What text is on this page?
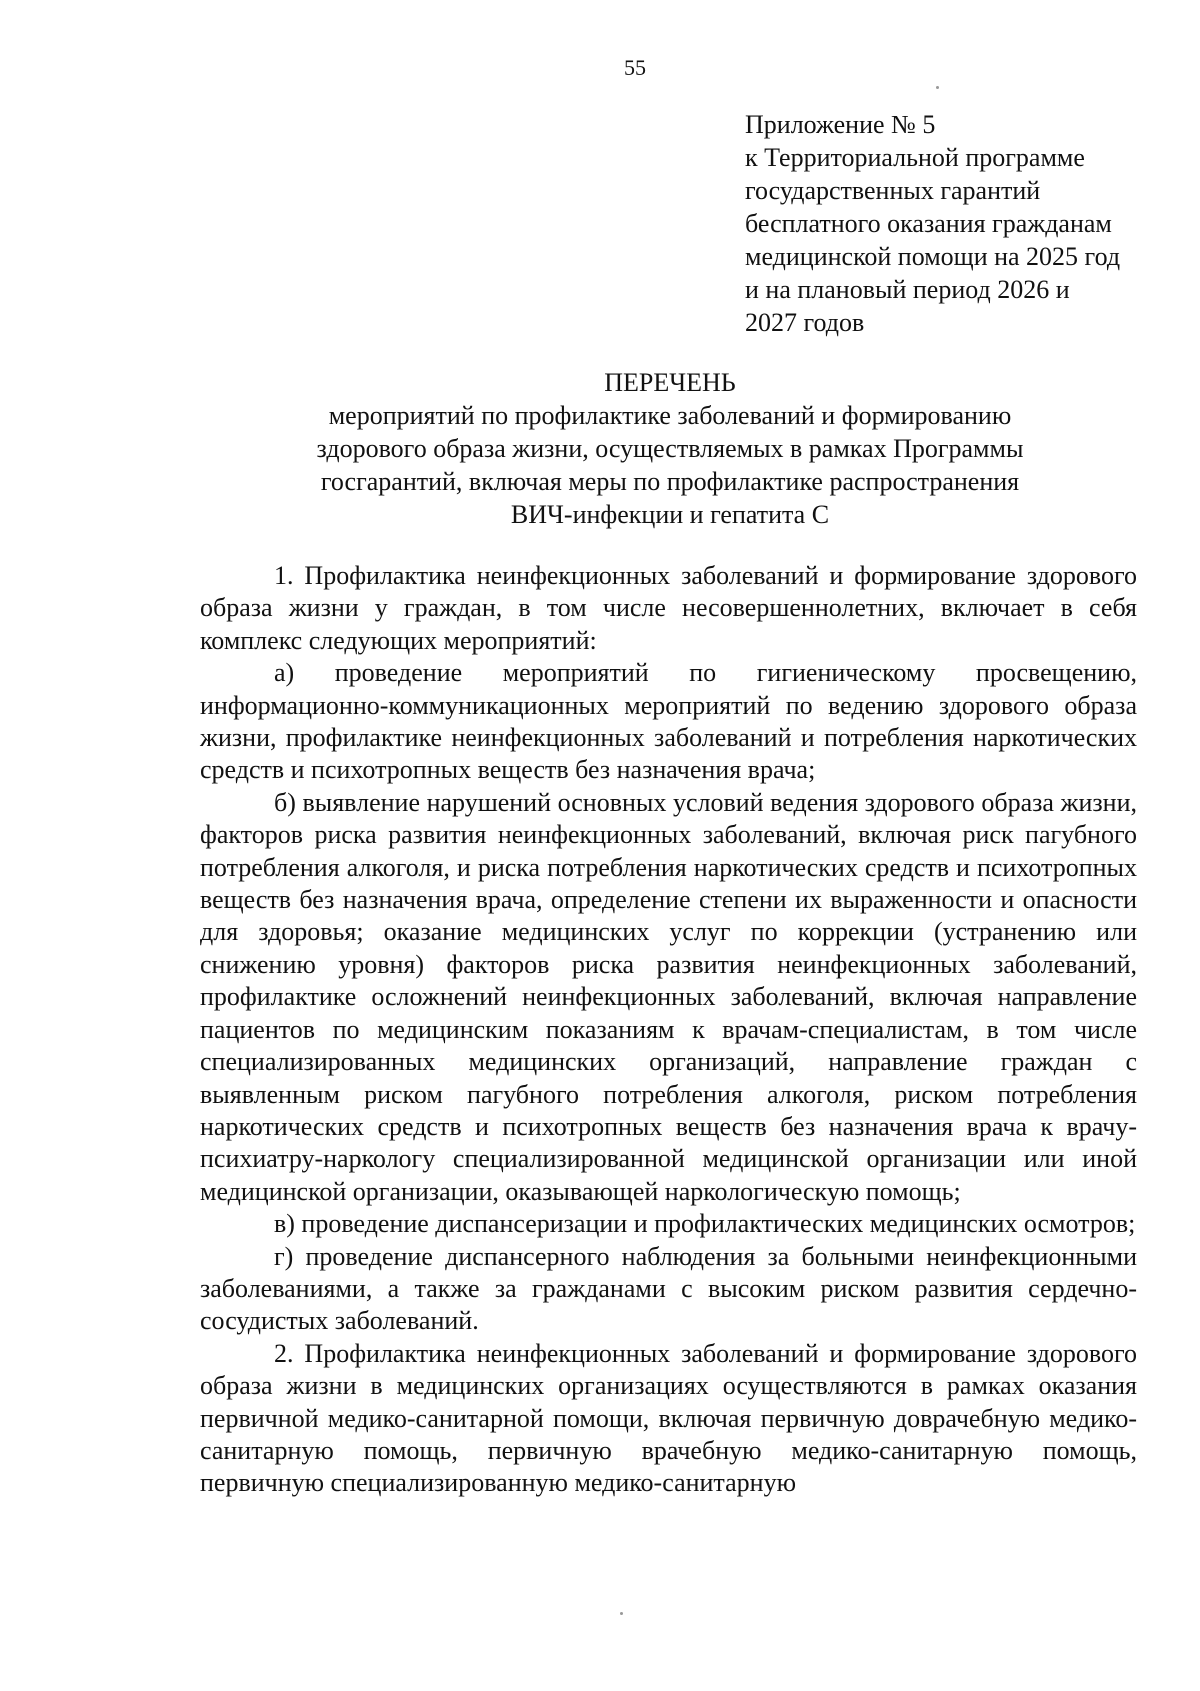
55
Приложение № 5
к Территориальной программе
государственных гарантий
бесплатного оказания гражданам
медицинской помощи на 2025 год
и на плановый период 2026 и
2027 годов
ПЕРЕЧЕНЬ
мероприятий по профилактике заболеваний и формированию
здорового образа жизни, осуществляемых в рамках Программы
госгарантий, включая меры по профилактике распространения
ВИЧ-инфекции и гепатита С

1. Профилактика неинфекционных заболеваний и формирование здорового образа жизни у граждан, в том числе несовершеннолетних, включает в себя комплекс следующих мероприятий:

а) проведение мероприятий по гигиеническому просвещению, информационно-коммуникационных мероприятий по ведению здорового образа жизни, профилактике неинфекционных заболеваний и потребления наркотических средств и психотропных веществ без назначения врача;

б) выявление нарушений основных условий ведения здорового образа жизни, факторов риска развития неинфекционных заболеваний, включая риск пагубного потребления алкоголя, и риска потребления наркотических средств и психотропных веществ без назначения врача, определение степени их выраженности и опасности для здоровья; оказание медицинских услуг по коррекции (устранению или снижению уровня) факторов риска развития неинфекционных заболеваний, профилактике осложнений неинфекционных заболеваний, включая направление пациентов по медицинским показаниям к врачам-специалистам, в том числе специализированных медицинских организаций, направление граждан с выявленным риском пагубного потребления алкоголя, риском потребления наркотических средств и психотропных веществ без назначения врача к врачу-психиатру-наркологу специализированной медицинской организации или иной медицинской организации, оказывающей наркологическую помощь;

в) проведение диспансеризации и профилактических медицинских осмотров;

г) проведение диспансерного наблюдения за больными неинфекционными заболеваниями, а также за гражданами с высоким риском развития сердечно-сосудистых заболеваний.

2. Профилактика неинфекционных заболеваний и формирование здорового образа жизни в медицинских организациях осуществляются в рамках оказания первичной медико-санитарной помощи, включая первичную доврачебную медико-санитарную помощь, первичную врачебную медико-санитарную помощь, первичную специализированную медико-санитарную
